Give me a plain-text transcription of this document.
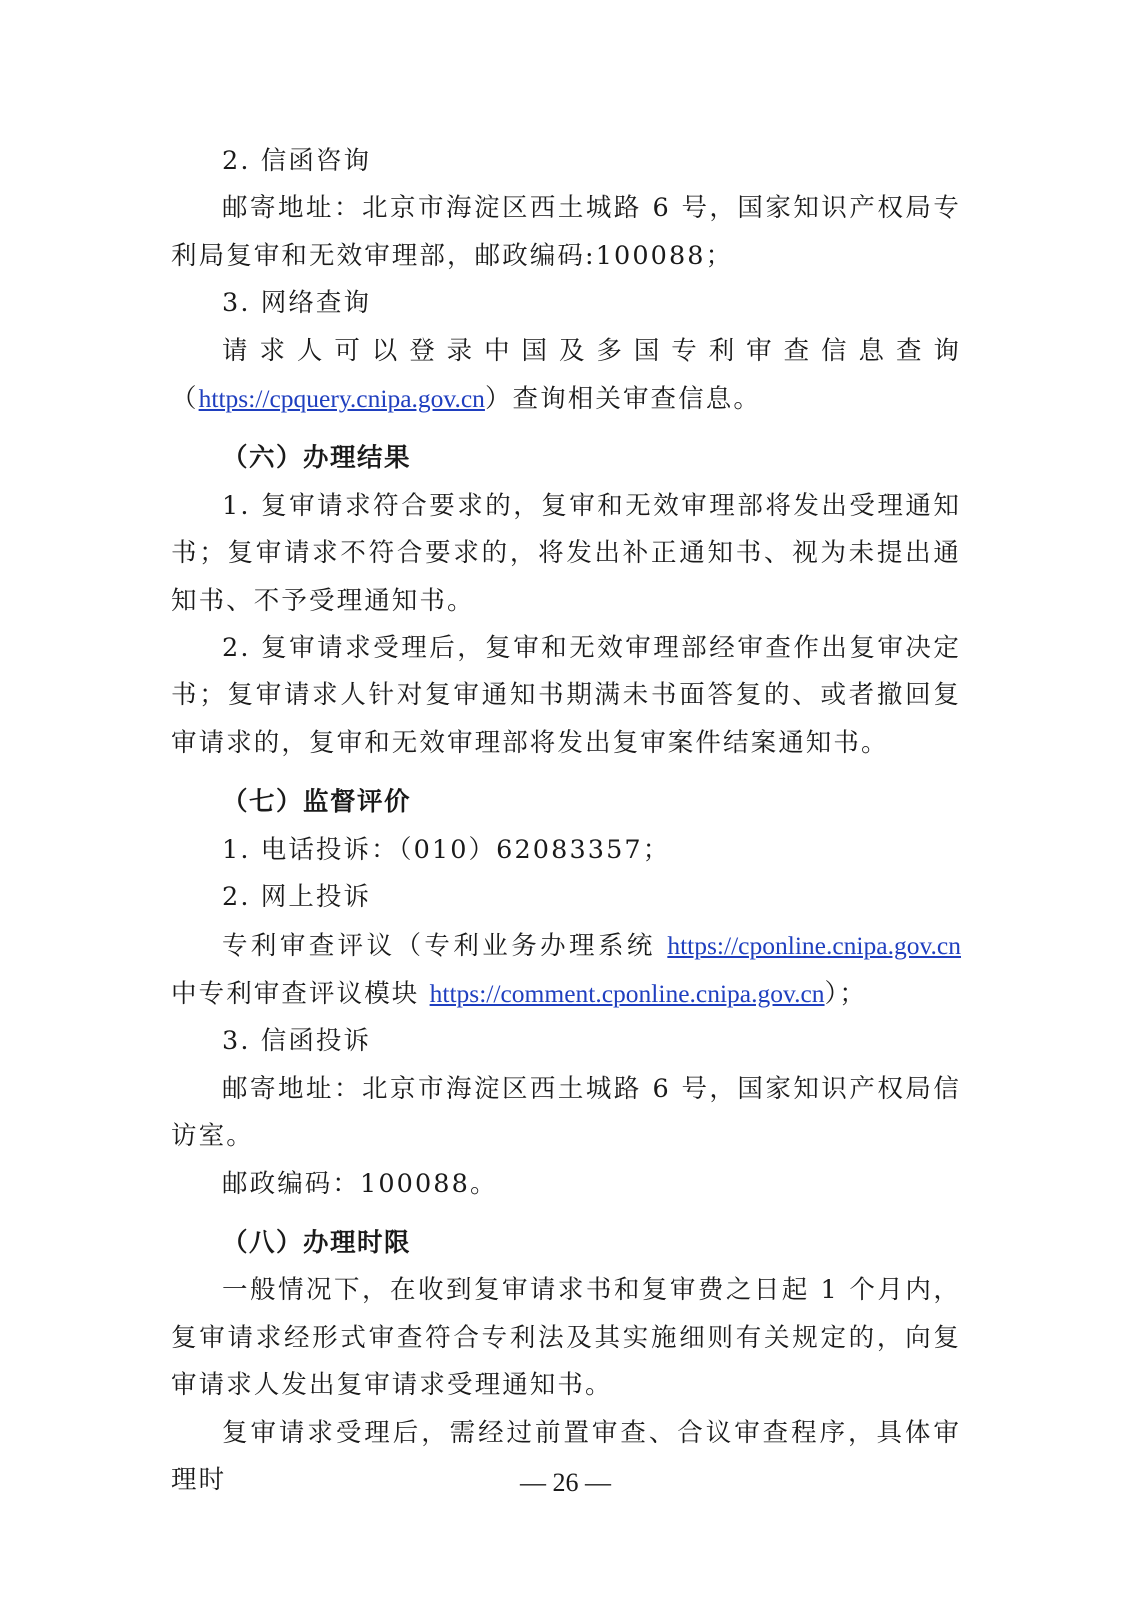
2. 信函咨询

邮寄地址：北京市海淀区西土城路 6 号，国家知识产权局专利局复审和无效审理部，邮政编码:100088；

3. 网络查询

请求人可以登录中国及多国专利审查信息查询（https://cpquery.cnipa.gov.cn）查询相关审查信息。

（六）办理结果

1. 复审请求符合要求的，复审和无效审理部将发出受理通知书；复审请求不符合要求的，将发出补正通知书、视为未提出通知书、不予受理通知书。

2. 复审请求受理后，复审和无效审理部经审查作出复审决定书；复审请求人针对复审通知书期满未书面答复的、或者撤回复审请求的，复审和无效审理部将发出复审案件结案通知书。

（七）监督评价

1. 电话投诉：（010）62083357；

2. 网上投诉

专利审查评议（专利业务办理系统 https://cponline.cnipa.gov.cn 中专利审查评议模块 https://comment.cponline.cnipa.gov.cn）；

3. 信函投诉

邮寄地址：北京市海淀区西土城路 6 号，国家知识产权局信访室。

邮政编码：100088。

（八）办理时限

一般情况下，在收到复审请求书和复审费之日起 1 个月内，复审请求经形式审查符合专利法及其实施细则有关规定的，向复审请求人发出复审请求受理通知书。

复审请求受理后，需经过前置审查、合议审查程序，具体审理时	— 26 —
